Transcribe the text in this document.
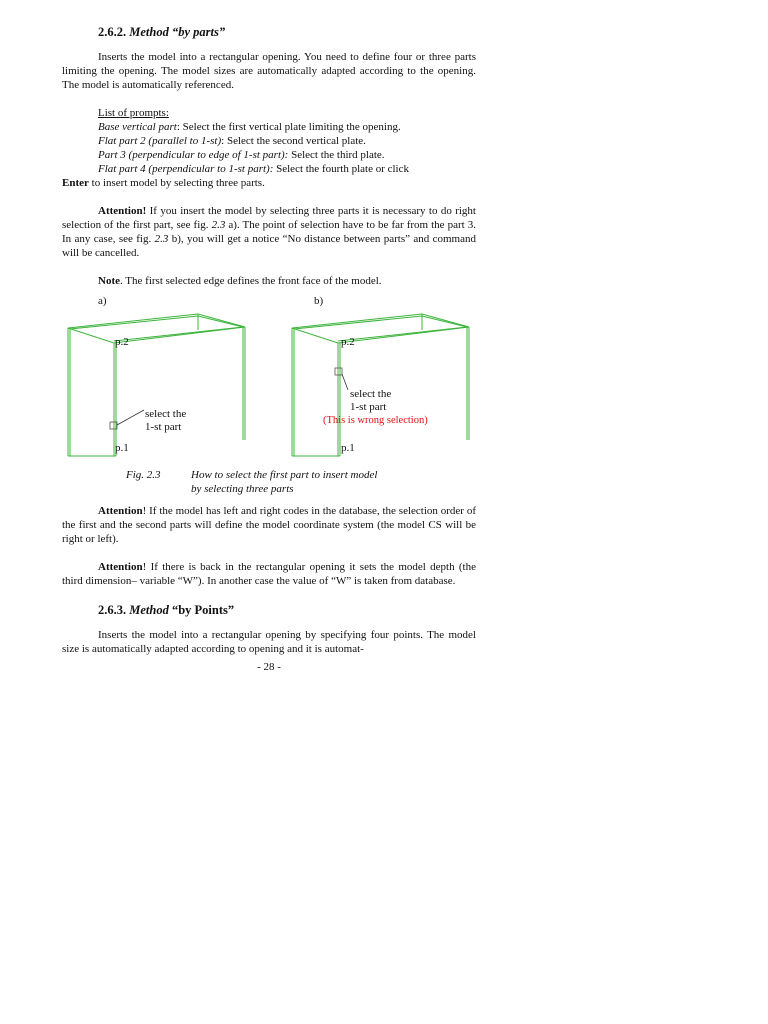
2.6.2. Method “by parts”

Inserts the model into a rectangular opening. You need to define four or three parts limiting the opening. The model sizes are automatically adapted according to the opening. The model is automatically referenced.

List of prompts:
Base vertical part: Select the first vertical plate limiting the opening.
Flat part 2 (parallel to 1-st): Select the second vertical plate.
Part 3 (perpendicular to edge of 1-st part): Select the third plate.
Flat part 4 (perpendicular to 1-st part): Select the fourth plate or click

Enter to insert model by selecting three parts.

Attention! If you insert the model by selecting three parts it is necessary to do right selection of the first part, see fig. 2.3 a). The point of selection have to be far from the part 3. In any case, see fig. 2.3 b), you will get a notice “No distance between parts” and command will be cancelled.

Note. The first selected edge defines the front face of the model.

a)	b)
p.2
p.1
select the
1-st part
p.2
p.1
select the
1-st part
(This is wrong selection)
Fig. 2.3	How to select the first part to insert model
by selecting three parts

Attention! If the model has left and right codes in the database, the selection order of the first and the second parts will define the model coordinate system (the model CS will be right or left).

Attention! If there is back in the rectangular opening it sets the model depth (the third dimension– variable “W”). In another case the value of “W” is taken from database.

2.6.3. Method “by Points”

Inserts the model into a rectangular opening by specifying four points. The model size is automatically adapted according to opening and it is automat-

- 28 -
